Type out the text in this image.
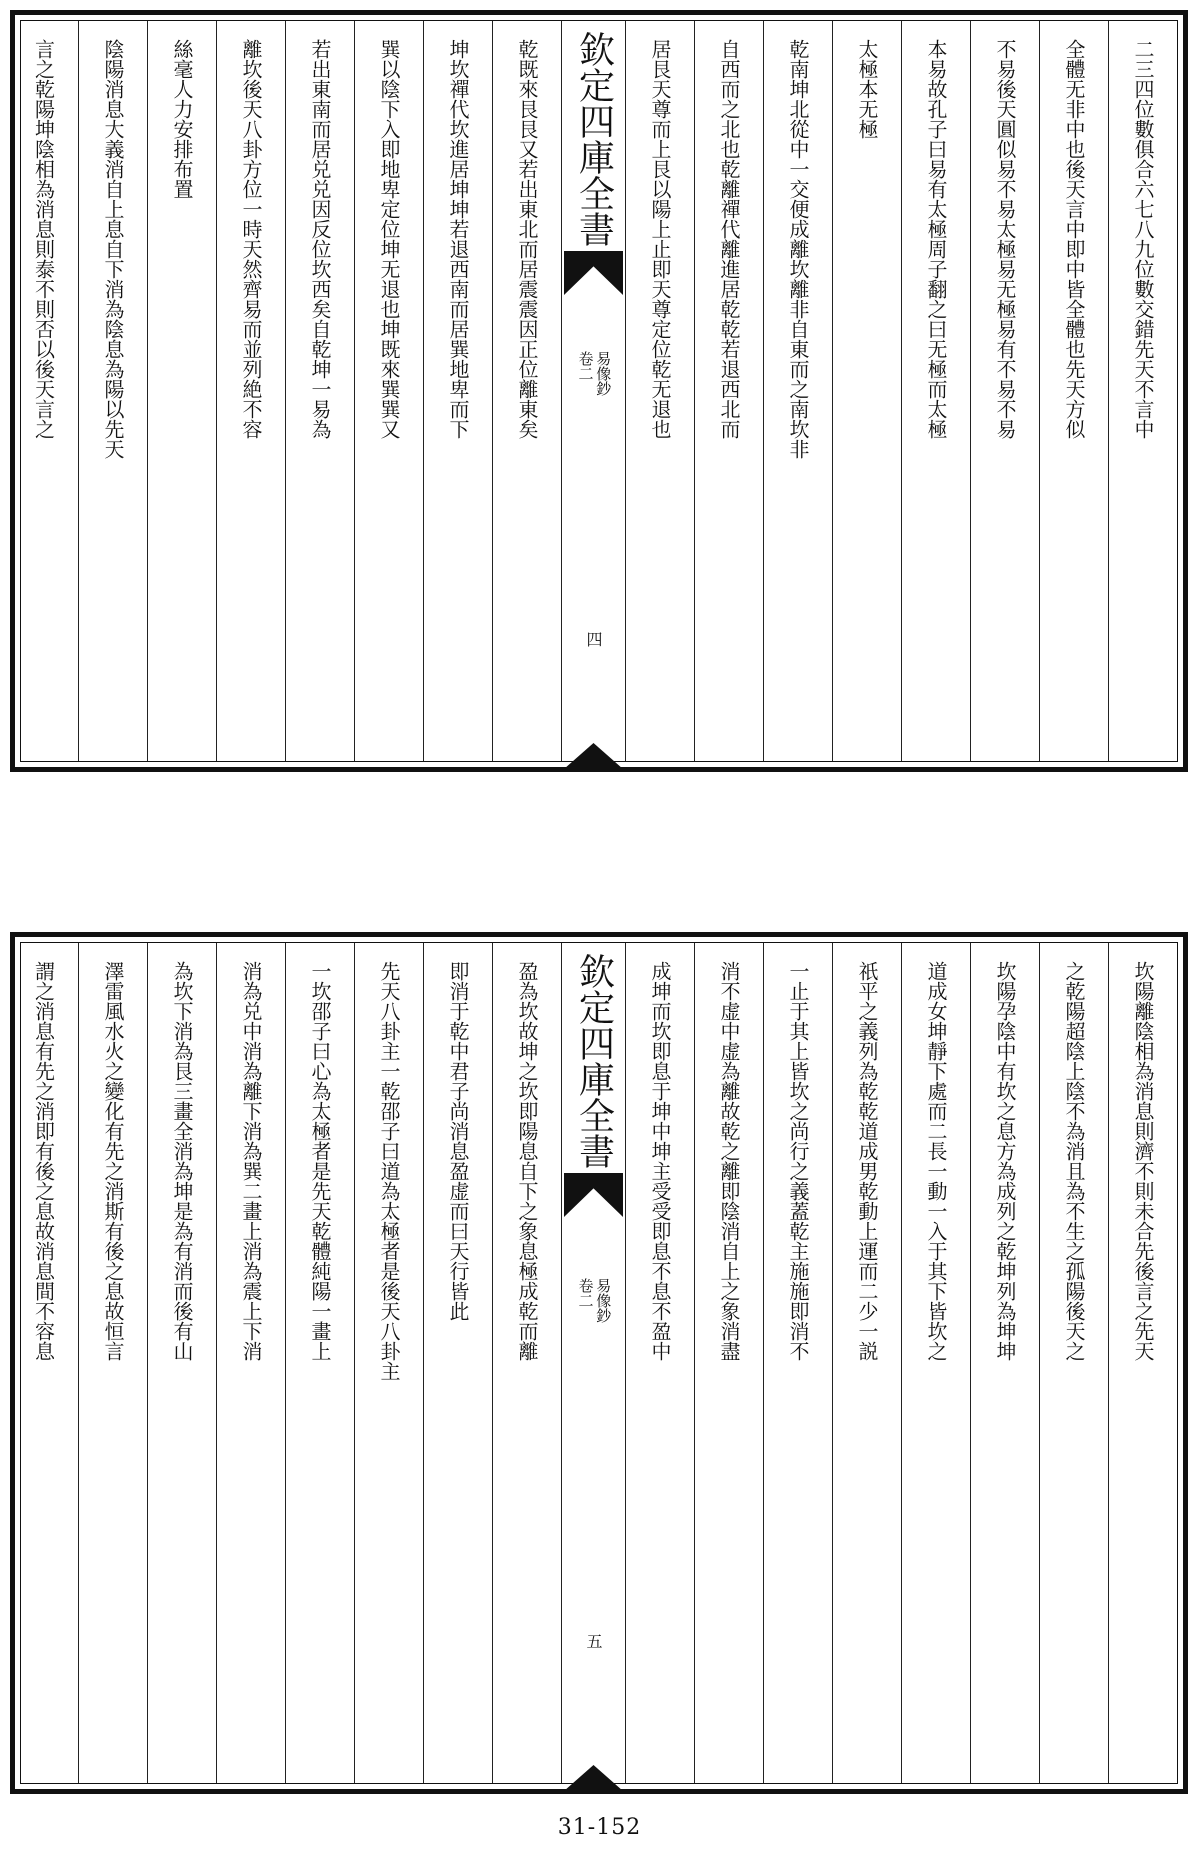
二三四位數俱合六七八九位數交錯先天不言中
全體无非中也後天言中即中皆全體也先天方似
不易後天圓似易不易太極易无極易有不易不易
本易故孔子曰易有太極周子翻之曰无極而太極
太極本无極
乾南坤北從中一交便成離坎離非自東而之南坎非
自西而之北也乾離禪代離進居乾乾若退西北而
居艮天尊而上艮以陽上止即天尊定位乾无退也
欽定四庫全書
易像鈔
卷二
四
乾既來艮艮又若出東北而居震震因正位離東矣
坤坎禪代坎進居坤坤若退西南而居巽地卑而下
巽以陰下入即地卑定位坤无退也坤既來巽巽又
若出東南而居兑兑因反位坎西矣自乾坤一易為
離坎後天八卦方位一時天然齊易而並列絶不容
絲毫人力安排布置
陰陽消息大義消自上息自下消為陰息為陽以先天
言之乾陽坤陰相為消息則泰不則否以後天言之
坎陽離陰相為消息則濟不則未合先後言之先天
之乾陽超陰上陰不為消且為不生之孤陽後天之
坎陽孕陰中有坎之息方為成列之乾坤列為坤坤
道成女坤靜下處而二長一動一入于其下皆坎之
祇平之義列為乾乾道成男乾動上運而二少一説
一止于其上皆坎之尚行之義蓋乾主施施即消不
消不虚中虚為離故乾之離即陰消自上之象消盡
成坤而坎即息于坤中坤主受受即息不息不盈中
欽定四庫全書
易像鈔
卷二
五
盈為坎故坤之坎即陽息自下之象息極成乾而離
即消于乾中君子尚消息盈虚而曰天行皆此
先天八卦主一乾邵子曰道為太極者是後天八卦主
一坎邵子曰心為太極者是先天乾體純陽一畫上
消為兑中消為離下消為巽二畫上消為震上下消
為坎下消為艮三畫全消為坤是為有消而後有山
澤雷風水火之變化有先之消斯有後之息故恒言
謂之消息有先之消即有後之息故消息間不容息
31-152
